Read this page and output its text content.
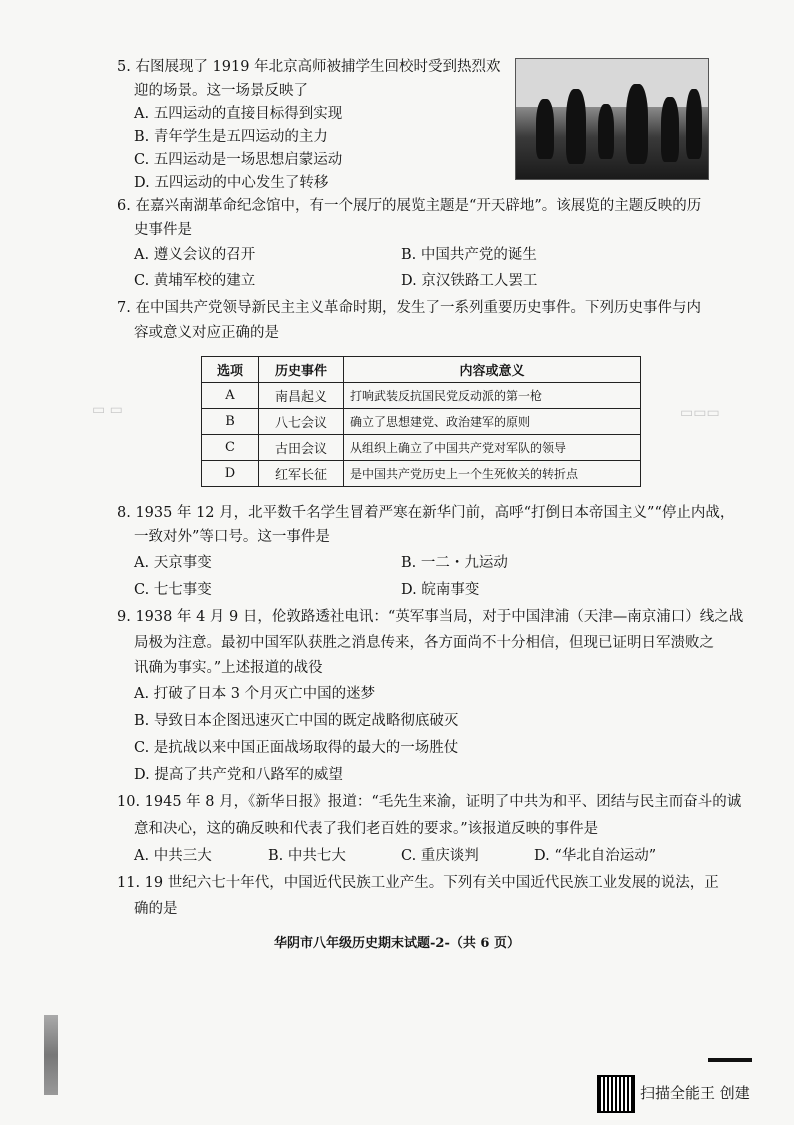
▭ ▭	▭▭▭
5. 右图展现了 1919 年北京高师被捕学生回校时受到热烈欢
迎的场景。这一场景反映了
A. 五四运动的直接目标得到实现
B. 青年学生是五四运动的主力
C. 五四运动是一场思想启蒙运动
D. 五四运动的中心发生了转移
6. 在嘉兴南湖革命纪念馆中，有一个展厅的展览主题是“开天辟地”。该展览的主题反映的历
史事件是
A. 遵义会议的召开	B. 中国共产党的诞生
C. 黄埔军校的建立	D. 京汉铁路工人罢工
7. 在中国共产党领导新民主主义革命时期，发生了一系列重要历史事件。下列历史事件与内
容或意义对应正确的是
选项	历史事件	内容或意义
A	南昌起义	打响武装反抗国民党反动派的第一枪
B	八七会议	确立了思想建党、政治建军的原则
C	古田会议	从组织上确立了中国共产党对军队的领导
D	红军长征	是中国共产党历史上一个生死攸关的转折点
8. 1935 年 12 月，北平数千名学生冒着严寒在新华门前，高呼“打倒日本帝国主义”“停止内战，
一致对外”等口号。这一事件是
A. 天京事变	B. 一二・九运动
C. 七七事变	D. 皖南事变
9. 1938 年 4 月 9 日，伦敦路透社电讯：“英军事当局，对于中国津浦（天津—南京浦口）线之战
局极为注意。最初中国军队获胜之消息传来，各方面尚不十分相信，但现已证明日军溃败之
讯确为事实。”上述报道的战役
A. 打破了日本 3 个月灭亡中国的迷梦
B. 导致日本企图迅速灭亡中国的既定战略彻底破灭
C. 是抗战以来中国正面战场取得的最大的一场胜仗
D. 提高了共产党和八路军的威望
10. 1945 年 8 月，《新华日报》报道：“毛先生来渝，证明了中共为和平、团结与民主而奋斗的诚
意和决心，这的确反映和代表了我们老百姓的要求。”该报道反映的事件是
A. 中共三大	B. 中共七大	C. 重庆谈判	D. “华北自治运动”
11. 19 世纪六七十年代，中国近代民族工业产生。下列有关中国近代民族工业发展的说法，正
确的是
华阴市八年级历史期末试题-2-（共 6 页）
扫描全能王 创建
